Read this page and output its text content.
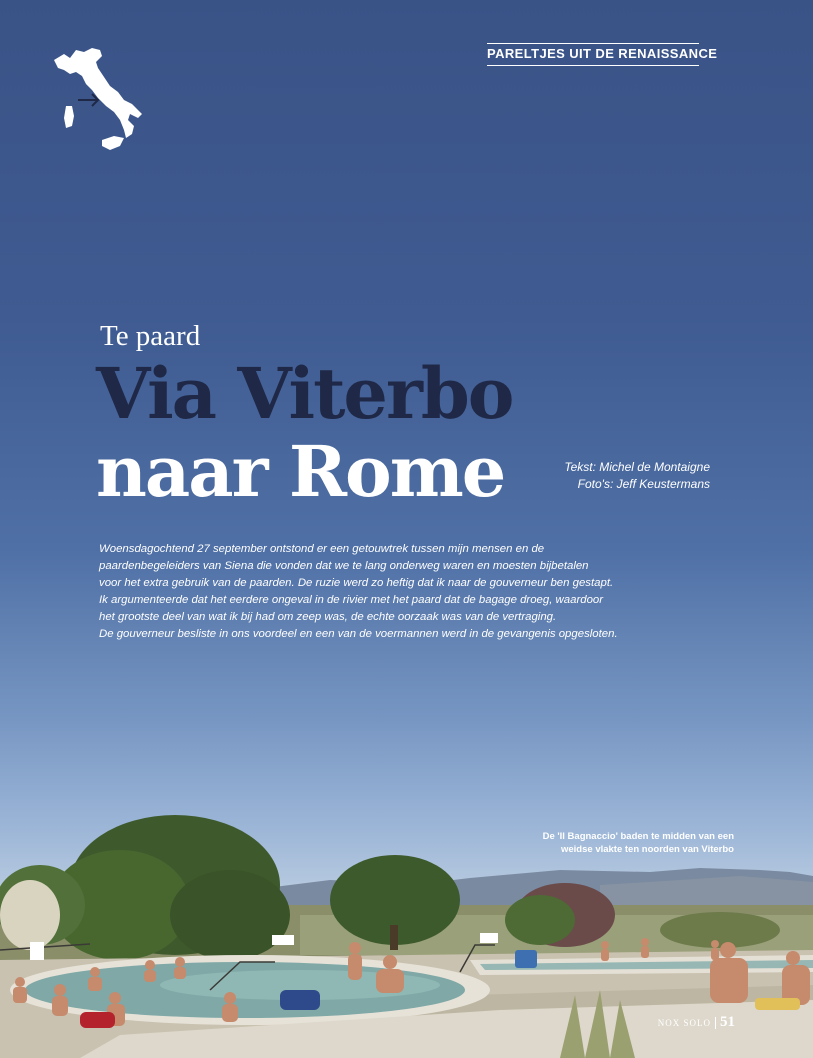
PARELTJES UIT DE RENAISSANCE
Te paard
Via Viterbo
naar Rome	Tekst: Michel de Montaigne
Foto's: Jeff Keustermans
Woensdagochtend 27 september ontstond er een getouwtrek tussen mijn mensen en de
paardenbegeleiders van Siena die vonden dat we te lang onderweg waren en moesten bijbetalen
voor het extra gebruik van de paarden. De ruzie werd zo heftig dat ik naar de gouverneur ben gestapt.
Ik argumenteerde dat het eerdere ongeval in de rivier met het paard dat de bagage droeg, waardoor
het grootste deel van wat ik bij had om zeep was, de echte oorzaak was van de vertraging.
De gouverneur besliste in ons voordeel en een van de voermannen werd in de gevangenis opgesloten.
De 'Il Bagnaccio' baden te midden van een
weidse vlakte ten noorden van Viterbo
NOX SOLO 51
